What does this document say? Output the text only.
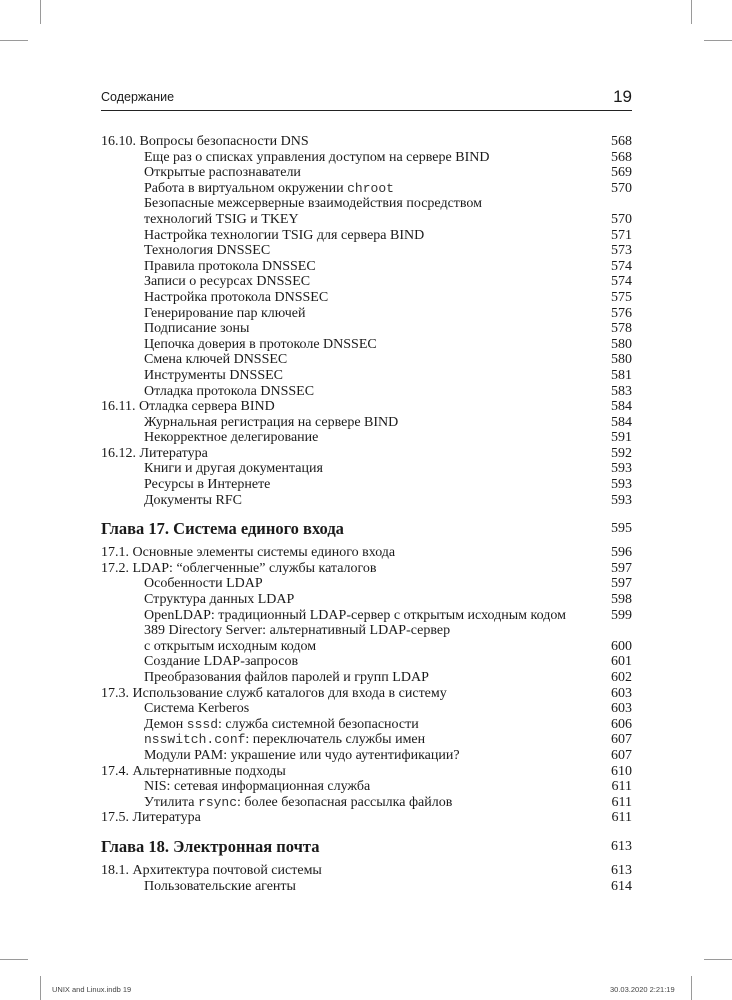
Содержание	19
16.10. Вопросы безопасности DNS	568
Еще раз о списках управления доступом на сервере BIND	568
Открытые распознаватели	569
Работа в виртуальном окружении chroot	570
Безопасные межсерверные взаимодействия посредством
технологий TSIG и TKEY	570
Настройка технологии TSIG для сервера BIND	571
Технология DNSSEC	573
Правила протокола DNSSEC	574
Записи о ресурсах DNSSEC	574
Настройка протокола DNSSEC	575
Генерирование пар ключей	576
Подписание зоны	578
Цепочка доверия в протоколе DNSSEC	580
Смена ключей DNSSEC	580
Инструменты DNSSEC	581
Отладка протокола DNSSEC	583
16.11. Отладка сервера BIND	584
Журнальная регистрация на сервере BIND	584
Некорректное делегирование	591
16.12. Литература	592
Книги и другая документация	593
Ресурсы в Интернете	593
Документы RFC	593
Глава 17. Система единого входа	595
17.1. Основные элементы системы единого входа	596
17.2. LDAP: “облегченные” службы каталогов	597
Особенности LDAP	597
Структура данных LDAP	598
OpenLDAP: традиционный LDAP-сервер с открытым исходным кодом	599
389 Directory Server: альтернативный LDAP-сервер
с открытым исходным кодом	600
Создание LDAP-запросов	601
Преобразования файлов паролей и групп LDAP	602
17.3. Использование служб каталогов для входа в систему	603
Система Kerberos	603
Демон sssd: служба системной безопасности	606
nsswitch.conf: переключатель службы имен	607
Модули PAM: украшение или чудо аутентификации?	607
17.4. Альтернативные подходы	610
NIS: сетевая информационная служба	611
Утилита rsync: более безопасная рассылка файлов	611
17.5. Литература	611
Глава 18. Электронная почта	613
18.1. Архитектура почтовой системы	613
Пользовательские агенты	614
UNIX and Linux.indb 19	30.03.2020 2:21:19
